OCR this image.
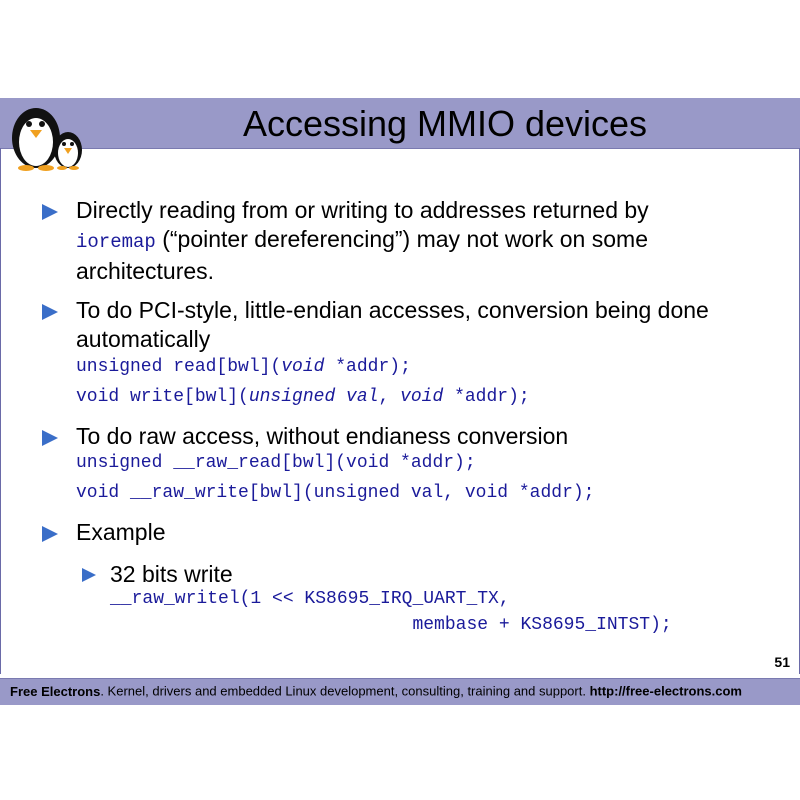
Accessing MMIO devices
Directly reading from or writing to addresses returned by
ioremap (“pointer dereferencing”) may not work on some
architectures.
To do PCI-style, little-endian accesses, conversion being done
automatically
unsigned read[bwl](void *addr);
void write[bwl](unsigned val, void *addr);
To do raw access, without endianess conversion
unsigned __raw_read[bwl](void *addr);
void __raw_write[bwl](unsigned val, void *addr);
Example
32 bits write
__raw_writel(1 << KS8695_IRQ_UART_TX,
membase + KS8695_INTST);
51
Free Electrons. Kernel, drivers and embedded Linux development, consulting, training and support. http://free-electrons.com
